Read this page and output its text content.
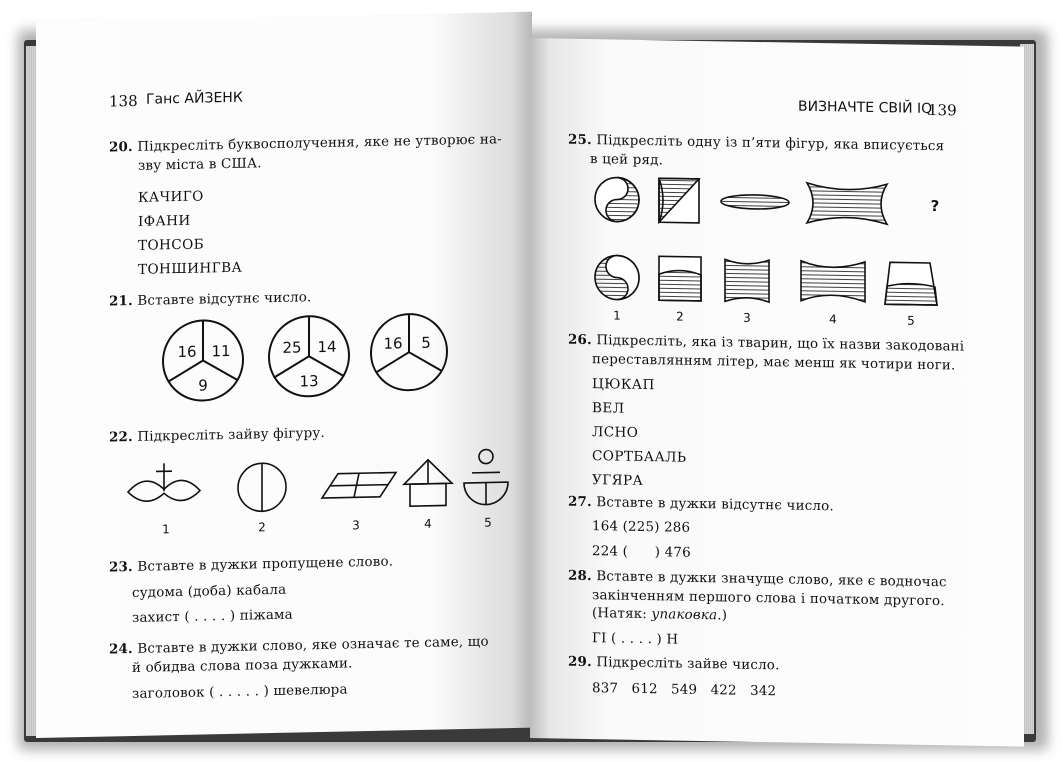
138 Ганс АЙЗЕНК
20. Підкресліть буквосполучення, яке не утворює на-
зву міста в США.
КАЧИГО
ІФАНИ
ТОНСОБ
ТОНШИНГВА
21. Вставте відсутнє число.
16 11
9
25 14
13
16 5
22. Підкресліть зайву фігуру.
1	2	3	4	5
23. Вставте в дужки пропущене слово.
судома (доба) кабала
захист ( . . . . ) піжама
24. Вставте в дужки слово, яке означає те саме, що
й обидва слова поза дужками.
заголовок ( . . . . . ) шевелюра
ВИЗНАЧТЕ СВІЙ IQ
139
25. Підкресліть одну із п’яти фігур, яка вписується
в цей ряд.
?
1	2	3	4	5
26. Підкресліть, яка із тварин, що їх назви закодовані
переставлянням літер, має менш як чотири ноги.
ЦЮКАП
ВЕЛ
ЛСНО
СОРТБААЛЬ
УГЯРА
27. Вставте в дужки відсутнє число.
164 (225) 286
224 (      ) 476
28. Вставте в дужки значуще слово, яке є водночас
закінченням першого слова і початком другого.
(Натяк: упаковка.)
ГІ ( . . . . ) Н
29. Підкресліть зайве число.
837   612   549   422   342
